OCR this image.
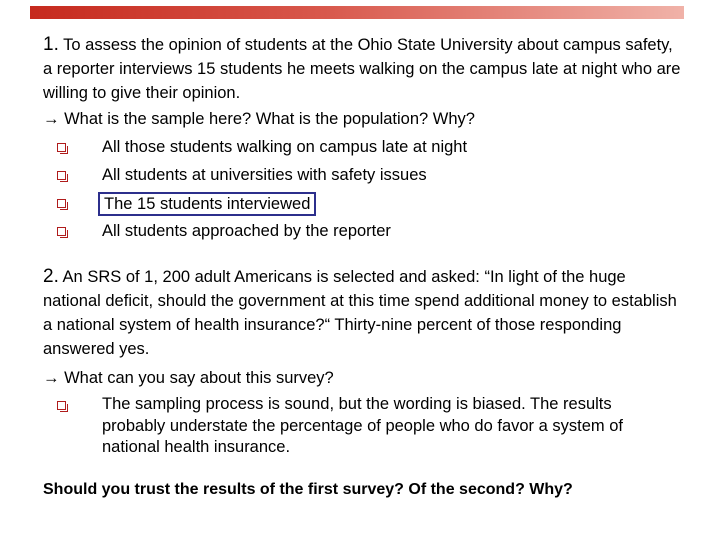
1. To assess the opinion of students at the Ohio State University about campus safety, a reporter interviews 15 students he meets walking on the campus late at night who are willing to give their opinion.

→ What is the sample here? What is the population? Why?
All those students walking on campus late at night
All students at universities with safety issues
The 15 students interviewed
All students approached by the reporter

2. An SRS of 1, 200 adult Americans is selected and asked: “In light of the huge national deficit, should the government at this time spend additional money to establish a national system of health insurance?“ Thirty-nine percent of those responding answered yes.

→ What can you say about this survey?
The sampling process is sound, but the wording is biased. The results probably understate the percentage of people who do favor a system of national health insurance.
Should you trust the results of the first survey? Of the second? Why?
